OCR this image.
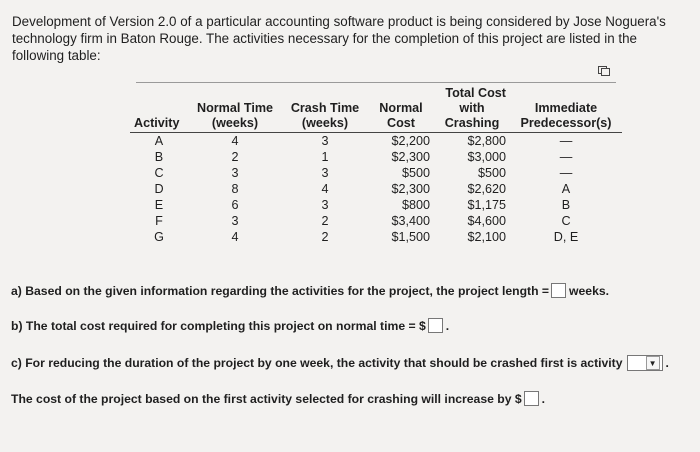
Development of Version 2.0 of a particular accounting software product is being considered by Jose Noguera's technology firm in Baton Rouge. The activities necessary for the completion of this project are listed in the following table:
				Total Cost	
	Normal Time	Crash Time	Normal	with	Immediate
Activity	(weeks)	(weeks)	Cost	Crashing	Predecessor(s)
A	4	3	$2,200	$2,800	—
B	2	1	$2,300	$3,000	—
C	3	3	$500	$500	—
D	8	4	$2,300	$2,620	A
E	6	3	$800	$1,175	B
F	3	2	$3,400	$4,600	C
G	4	2	$1,500	$2,100	D, E
a) Based on the given information regarding the activities for the project, the project length = weeks.
b) The total cost required for completing this project on normal time = $ .
c) For reducing the duration of the project by one week, the activity that should be crashed first is activity	▼ .
The cost of the project based on the first activity selected for crashing will increase by $ .
